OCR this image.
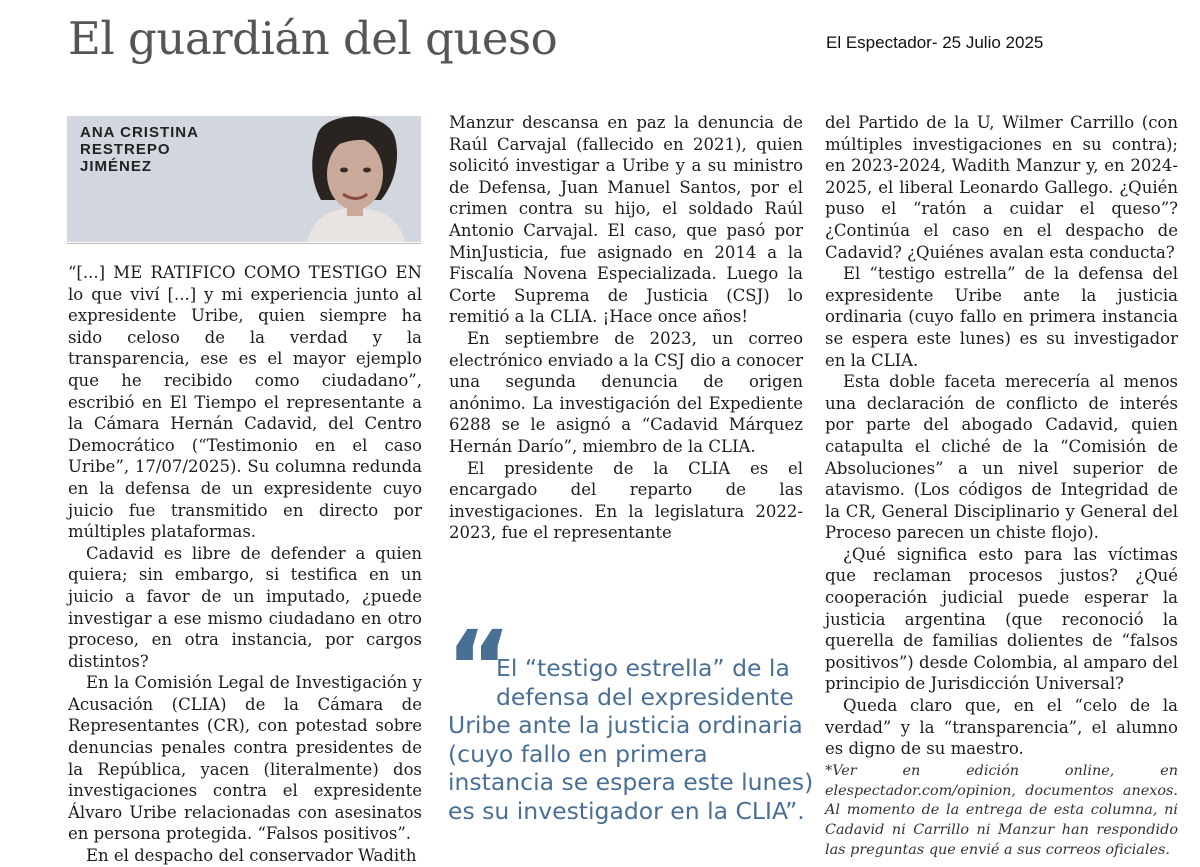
El guardián del queso	El Espectador- 25 Julio 2025
ANA CRISTINA
RESTREPO
JIMÉNEZ

“[...] ME RATIFICO COMO TESTIGO EN lo que viví [...] y mi experiencia junto al expresidente Uribe, quien siempre ha sido celoso de la verdad y la transparencia, ese es el mayor ejemplo que he recibido como ciudadano”, escribió en El Tiempo el representante a la Cámara Hernán Cadavid, del Centro Democrático (“Testimonio en el caso Uribe”, 17/07/2025). Su columna redunda en la defensa de un expresidente cuyo juicio fue transmitido en directo por múltiples plataformas.

Cadavid es libre de defender a quien quiera; sin embargo, si testifica en un juicio a favor de un imputado, ¿puede investigar a ese mismo ciudadano en otro proceso, en otra instancia, por cargos distintos?

En la Comisión Legal de Investigación y Acusación (CLIA) de la Cámara de Representantes (CR), con potestad sobre denuncias penales contra presidentes de la República, yacen (literalmente) dos investigaciones contra el expresidente Álvaro Uribe relacionadas con asesinatos en persona protegida. “Falsos positivos”.

En el despacho del conservador Wadith

Manzur descansa en paz la denuncia de Raúl Carvajal (fallecido en 2021), quien solicitó investigar a Uribe y a su ministro de Defensa, Juan Manuel Santos, por el crimen contra su hijo, el soldado Raúl Antonio Carvajal. El caso, que pasó por MinJusticia, fue asignado en 2014 a la Fiscalía Novena Especializada. Luego la Corte Suprema de Justicia (CSJ) lo remitió a la CLIA. ¡Hace once años!

En septiembre de 2023, un correo electrónico enviado a la CSJ dio a conocer una segunda denuncia de origen anónimo. La investigación del Expediente 6288 se le asignó a “Cadavid Márquez Hernán Darío”, miembro de la CLIA.

El presidente de la CLIA es el encargado del reparto de las investigaciones. En la legislatura 2022-2023, fue el representante

“
El “testigo estrella” de la
defensa del expresidente
Uribe ante la justicia ordinaria
(cuyo fallo en primera
instancia se espera este lunes)
es su investigador en la CLIA”.

del Partido de la U, Wilmer Carrillo (con múltiples investigaciones en su contra); en 2023-2024, Wadith Manzur y, en 2024-2025, el liberal Leonardo Gallego. ¿Quién puso el “ratón a cuidar el queso”? ¿Continúa el caso en el despacho de Cadavid? ¿Quiénes avalan esta conducta?

El “testigo estrella” de la defensa del expresidente Uribe ante la justicia ordinaria (cuyo fallo en primera instancia se espera este lunes) es su investigador en la CLIA.

Esta doble faceta merecería al menos una declaración de conflicto de interés por parte del abogado Cadavid, quien catapulta el cliché de la “Comisión de Absoluciones” a un nivel superior de atavismo. (Los códigos de Integridad de la CR, General Disciplinario y General del Proceso parecen un chiste flojo).

¿Qué significa esto para las víctimas que reclaman procesos justos? ¿Qué cooperación judicial puede esperar la justicia argentina (que reconoció la querella de familias dolientes de “falsos positivos”) desde Colombia, al amparo del principio de Jurisdicción Universal?

Queda claro que, en el “celo de la verdad” y la “transparencia”, el alumno es digno de su maestro.

*Ver en edición online, en elespectador.com/opinion, documentos anexos. Al momento de la entrega de esta columna, ni Cadavid ni Carrillo ni Manzur han respondido las preguntas que envié a sus correos oficiales.
